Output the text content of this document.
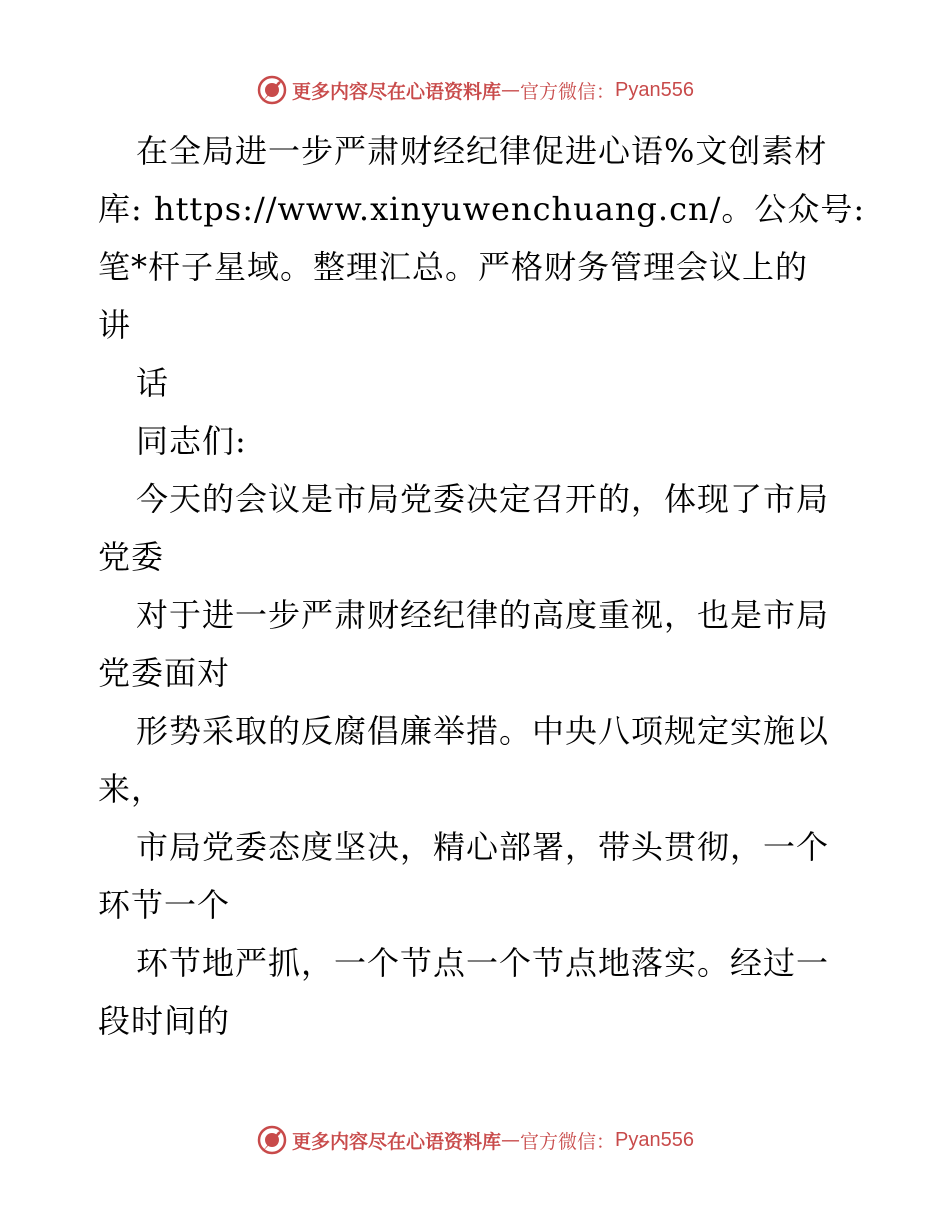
更多内容尽在心语资料库 — 官方微信： Pyan556
在全局进一步严肃财经纪律促进心语%文创素材
库: https://www.xinyuwenchuang.cn/。公众号:
笔*杆子星域。整理汇总。严格财务管理会议上的
讲
话
同志们:
今天的会议是市局党委决定召开的，体现了市局
党委
对于进一步严肃财经纪律的高度重视，也是市局
党委面对
形势采取的反腐倡廉举措。中央八项规定实施以
来，
市局党委态度坚决，精心部署，带头贯彻，一个
环节一个
环节地严抓，一个节点一个节点地落实。经过一
段时间的
更多内容尽在心语资料库 — 官方微信： Pyan556
